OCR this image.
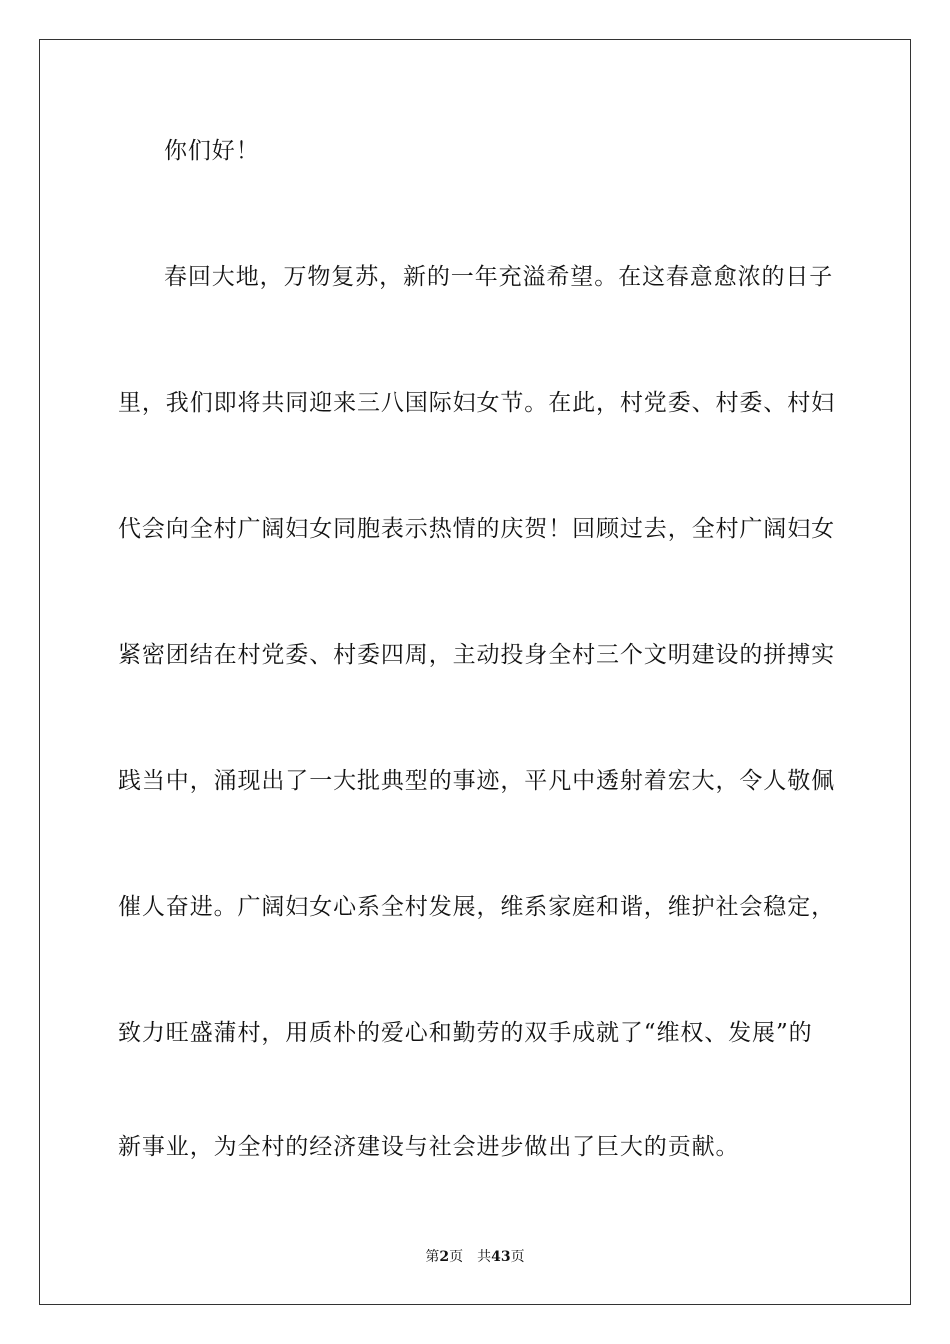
你们好！
春回大地，万物复苏，新的一年充溢希望。在这春意愈浓的日子
里，我们即将共同迎来三八国际妇女节。在此，村党委、村委、村妇
代会向全村广阔妇女同胞表示热情的庆贺！回顾过去，全村广阔妇女
紧密团结在村党委、村委四周，主动投身全村三个文明建设的拼搏实
践当中，涌现出了一大批典型的事迹，平凡中透射着宏大，令人敬佩
催人奋进。广阔妇女心系全村发展，维系家庭和谐，维护社会稳定，
致力旺盛蒲村，用质朴的爱心和勤劳的双手成就了“维权、发展”的
新事业，为全村的经济建设与社会进步做出了巨大的贡献。
第2页 共43页
